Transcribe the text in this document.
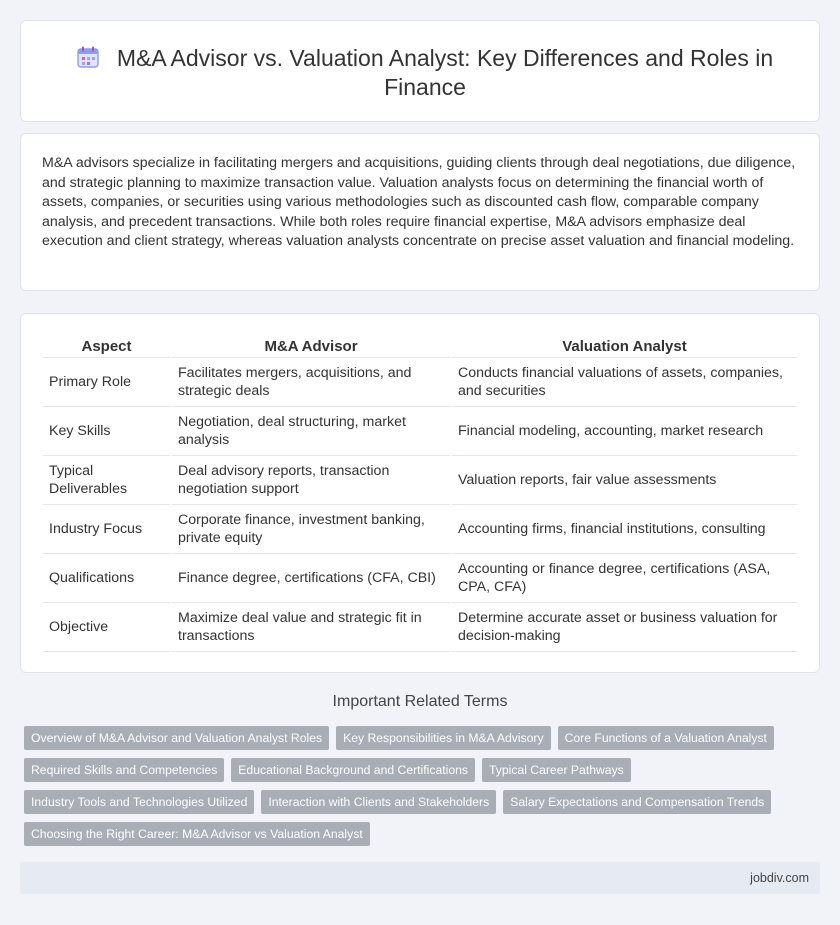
M&A Advisor vs. Valuation Analyst: Key Differences and Roles in Finance

M&A advisors specialize in facilitating mergers and acquisitions, guiding clients through deal negotiations, due diligence, and strategic planning to maximize transaction value. Valuation analysts focus on determining the financial worth of assets, companies, or securities using various methodologies such as discounted cash flow, comparable company analysis, and precedent transactions. While both roles require financial expertise, M&A advisors emphasize deal execution and client strategy, whereas valuation analysts concentrate on precise asset valuation and financial modeling.

Aspect	M&A Advisor	Valuation Analyst
Primary Role	Facilitates mergers, acquisitions, and strategic deals	Conducts financial valuations of assets, companies, and securities
Key Skills	Negotiation, deal structuring, market analysis	Financial modeling, accounting, market research
Typical Deliverables	Deal advisory reports, transaction negotiation support	Valuation reports, fair value assessments
Industry Focus	Corporate finance, investment banking, private equity	Accounting firms, financial institutions, consulting
Qualifications	Finance degree, certifications (CFA, CBI)	Accounting or finance degree, certifications (ASA, CPA, CFA)
Objective	Maximize deal value and strategic fit in transactions	Determine accurate asset or business valuation for decision-making
Important Related Terms
Overview of M&A Advisor and Valuation Analyst Roles	Key Responsibilities in M&A Advisory	Core Functions of a Valuation Analyst
Required Skills and Competencies	Educational Background and Certifications	Typical Career Pathways
Industry Tools and Technologies Utilized	Interaction with Clients and Stakeholders	Salary Expectations and Compensation Trends
Choosing the Right Career: M&A Advisor vs Valuation Analyst
jobdiv.com
